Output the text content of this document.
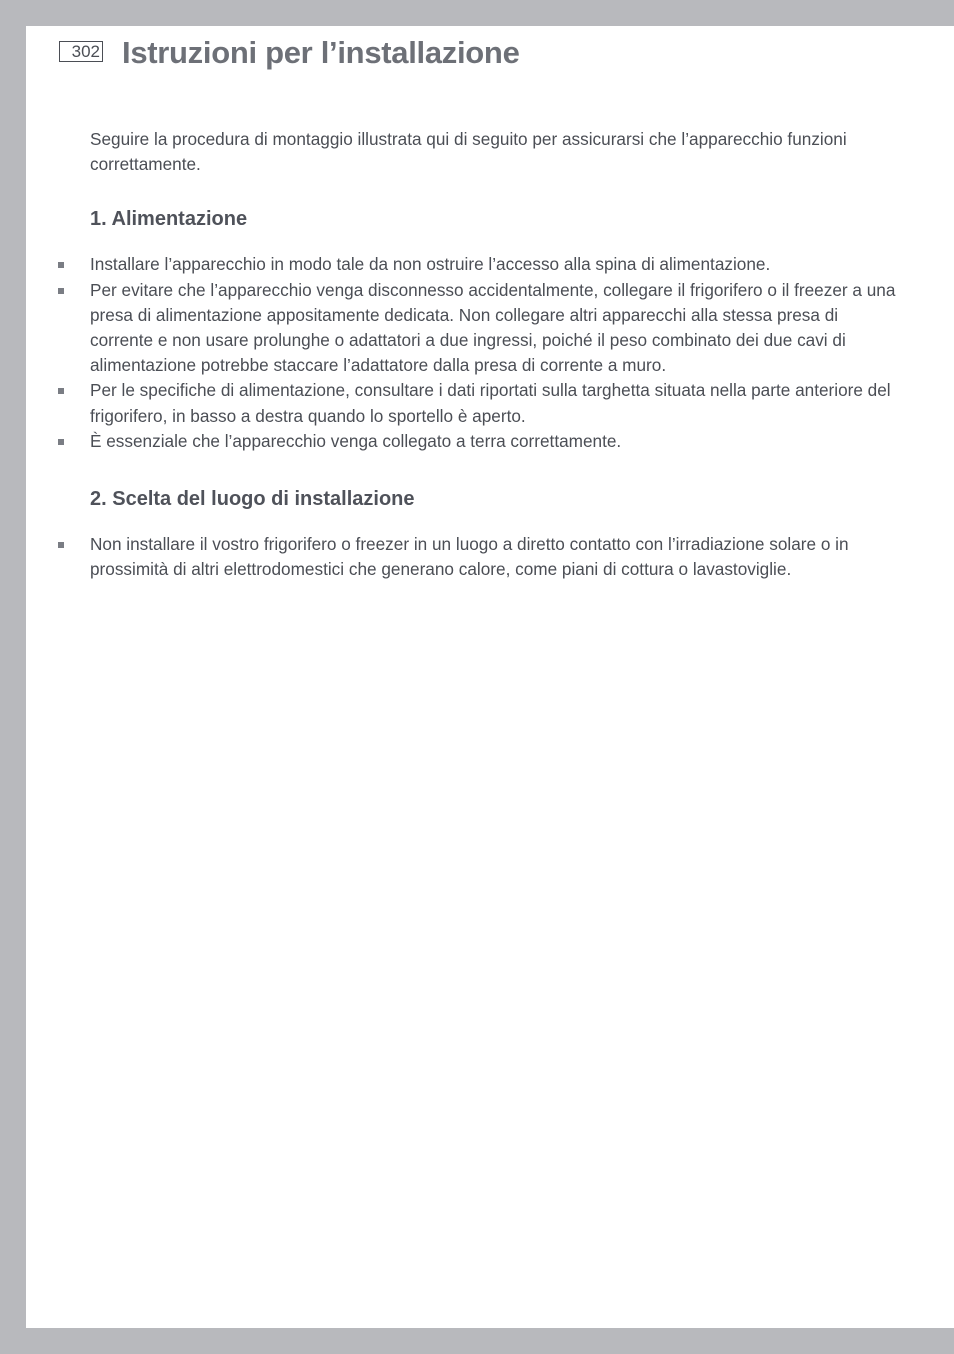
302 Istruzioni per l’installazione

Seguire la procedura di montaggio illustrata qui di seguito per assicurarsi che l’apparecchio funzioni correttamente.

1. Alimentazione
Installare l’apparecchio in modo tale da non ostruire l’accesso alla spina di alimentazione.
Per evitare che l’apparecchio venga disconnesso accidentalmente, collegare il frigorifero o il freezer a una presa di alimentazione appositamente dedicata. Non collegare altri apparecchi alla stessa presa di corrente e non usare prolunghe o adattatori a due ingressi, poiché il peso combinato dei due cavi di alimentazione potrebbe staccare l’adattatore dalla presa di corrente a muro.
Per le specifiche di alimentazione, consultare i dati riportati sulla targhetta situata nella parte anteriore del frigorifero, in basso a destra quando lo sportello è aperto.
È essenziale che l’apparecchio venga collegato a terra correttamente.
2. Scelta del luogo di installazione
Non installare il vostro frigorifero o freezer in un luogo a diretto contatto con l’irradiazione solare o in prossimità di altri elettrodomestici che generano calore, come piani di cottura o lavastoviglie.
